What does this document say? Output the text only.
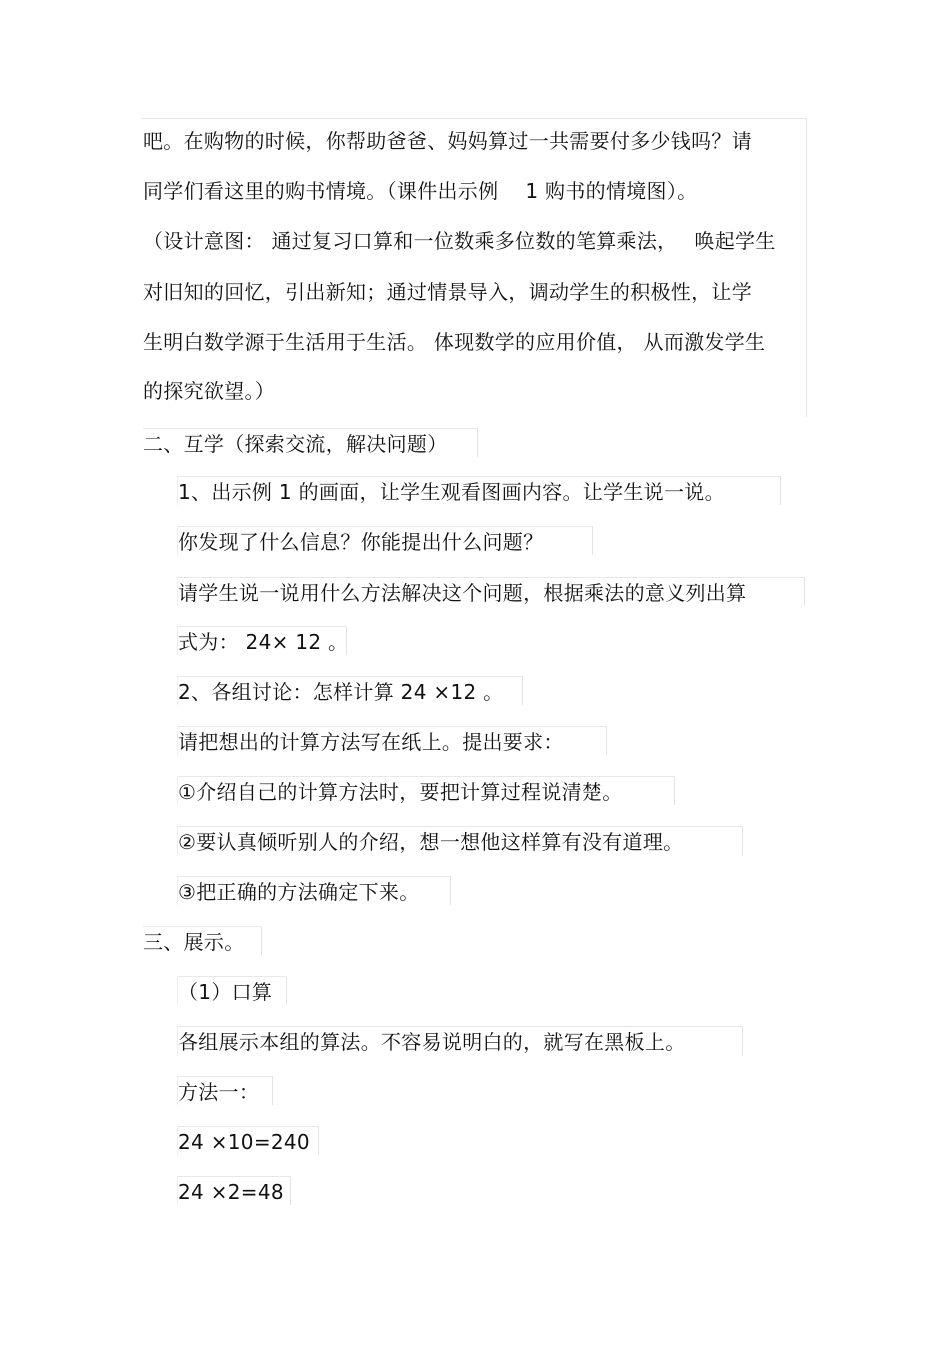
吧。在购物的时候，你帮助爸爸、妈妈算过一共需要付多少钱吗？请
同学们看这里的购书情境。（课件出示例　 1 购书的情境图）。
（设计意图： 通过复习口算和一位数乘多位数的笔算乘法，　 唤起学生
对旧知的回忆，引出新知；通过情景导入，调动学生的积极性，让学
生明白数学源于生活用于生活。 体现数学的应用价值， 从而激发学生
的探究欲望。）
二、互学（探索交流，解决问题）
1、出示例 1 的画面，让学生观看图画内容。让学生说一说。
你发现了什么信息？你能提出什么问题？
请学生说一说用什么方法解决这个问题，根据乘法的意义列出算
式为： 24× 12 。
2、各组讨论：怎样计算 24 ×12 。
请把想出的计算方法写在纸上。提出要求：
①介绍自己的计算方法时，要把计算过程说清楚。
②要认真倾听别人的介绍，想一想他这样算有没有道理。
③把正确的方法确定下来。
三、展示。
（1）口算
各组展示本组的算法。不容易说明白的，就写在黑板上。
方法一：
24 ×10=240
24 ×2=48
